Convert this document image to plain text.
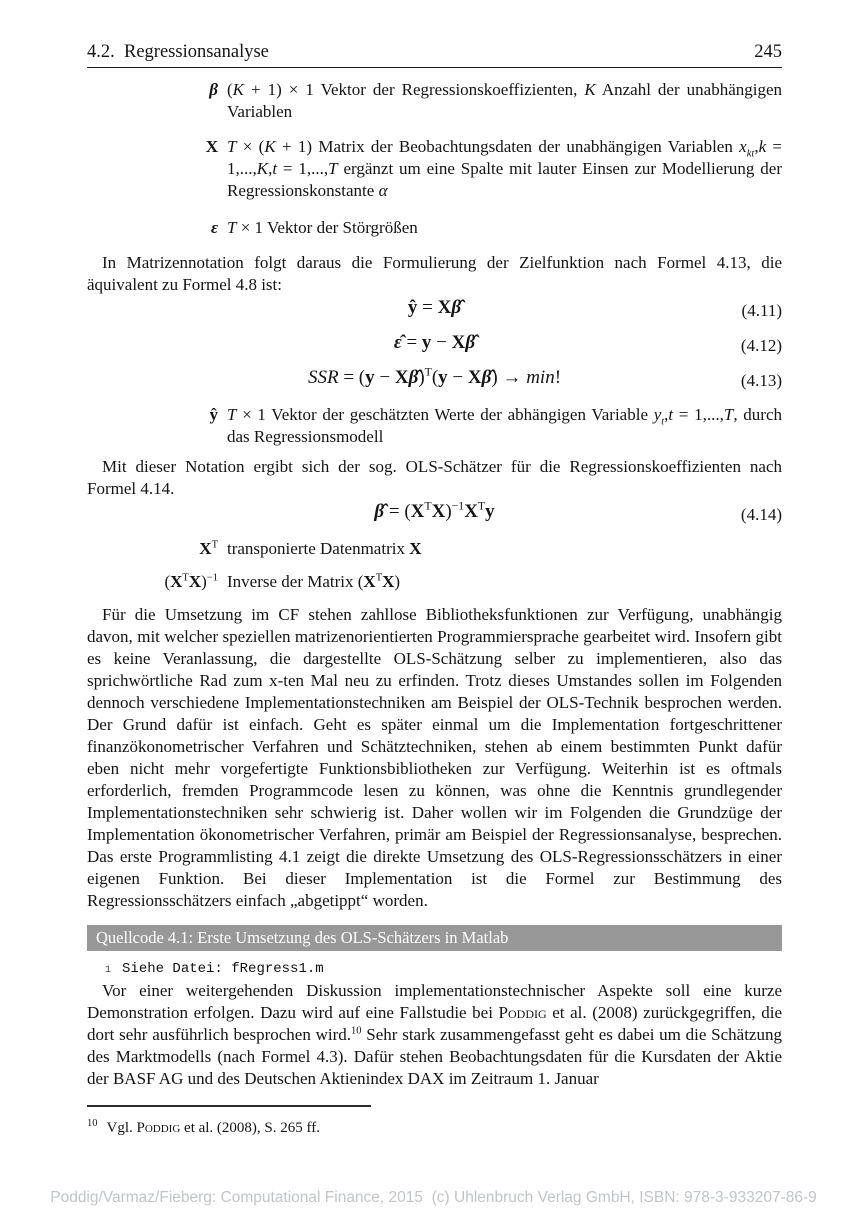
4.2.  Regressionsanalyse	245
β (K + 1) × 1 Vektor der Regressionskoeffizienten, K Anzahl der unabhängigen Variablen
X T × (K + 1) Matrix der Beobachtungsdaten der unabhängigen Variablen $x_{kt},k = 1,...,K,t = 1,...,T$ ergänzt um eine Spalte mit lauter Einsen zur Modellierung der Regressionskonstante α
ε T × 1 Vektor der Störgrößen

In Matrizennotation folgt daraus die Formulierung der Zielfunktion nach Formel 4.13, die äquivalent zu Formel 4.8 ist:

ŷ = Xβ̂	(4.11)
ε̂ = y − Xβ̂	(4.12)
SSR = (y − Xβ̂)$^T$(y − Xβ̂) → min!	(4.13)
ŷ T × 1 Vektor der geschätzten Werte der abhängigen Variable $y_t,t = 1,...,T$, durch das Regressionsmodell

Mit dieser Notation ergibt sich der sog. OLS-Schätzer für die Regressionskoeffizienten nach Formel 4.14.

β̂ = $(X^TX)^{-1}X^Ty$	(4.14)
$X^T$ transponierte Datenmatrix X
$(X^TX)^{-1}$ Inverse der Matrix $(X^TX)$

Für die Umsetzung im CF stehen zahllose Bibliotheksfunktionen zur Verfügung, unabhängig davon, mit welcher speziellen matrizenorientierten Programmiersprache gearbeitet wird. Insofern gibt es keine Veranlassung, die dargestellte OLS-Schätzung selber zu implementieren, also das sprichwörtliche Rad zum x-ten Mal neu zu erfinden. Trotz dieses Umstandes sollen im Folgenden dennoch verschiedene Implementationstechniken am Beispiel der OLS-Technik besprochen werden. Der Grund dafür ist einfach. Geht es später einmal um die Implementation fortgeschrittener finanzökonometrischer Verfahren und Schätztechniken, stehen ab einem bestimmten Punkt dafür eben nicht mehr vorgefertigte Funktionsbibliotheken zur Verfügung. Weiterhin ist es oftmals erforderlich, fremden Programmcode lesen zu können, was ohne die Kenntnis grundlegender Implementationstechniken sehr schwierig ist. Daher wollen wir im Folgenden die Grundzüge der Implementation ökonometrischer Verfahren, primär am Beispiel der Regressionsanalyse, besprechen. Das erste Programmlisting 4.1 zeigt die direkte Umsetzung des OLS-Regressionsschätzers in einer eigenen Funktion. Bei dieser Implementation ist die Formel zur Bestimmung des Regressionsschätzers einfach „abgetippt“ worden.

Quellcode 4.1: Erste Umsetzung des OLS-Schätzers in Matlab
1 Siehe Datei: fRegress1.m

Vor einer weitergehenden Diskussion implementationstechnischer Aspekte soll eine kurze Demonstration erfolgen. Dazu wird auf eine Fallstudie bei Poddig et al. (2008) zurückgegriffen, die dort sehr ausführlich besprochen wird.$^{10}$ Sehr stark zusammengefasst geht es dabei um die Schätzung des Marktmodells (nach Formel 4.3). Dafür stehen Beobachtungsdaten für die Kursdaten der Aktie der BASF AG und des Deutschen Aktienindex DAX im Zeitraum 1. Januar

$^{10}$ Vgl. Poddig et al. (2008), S. 265 ff.
Poddig/Varmaz/Fieberg: Computational Finance, 2015  (c) Uhlenbruch Verlag GmbH, ISBN: 978-3-933207-86-9
